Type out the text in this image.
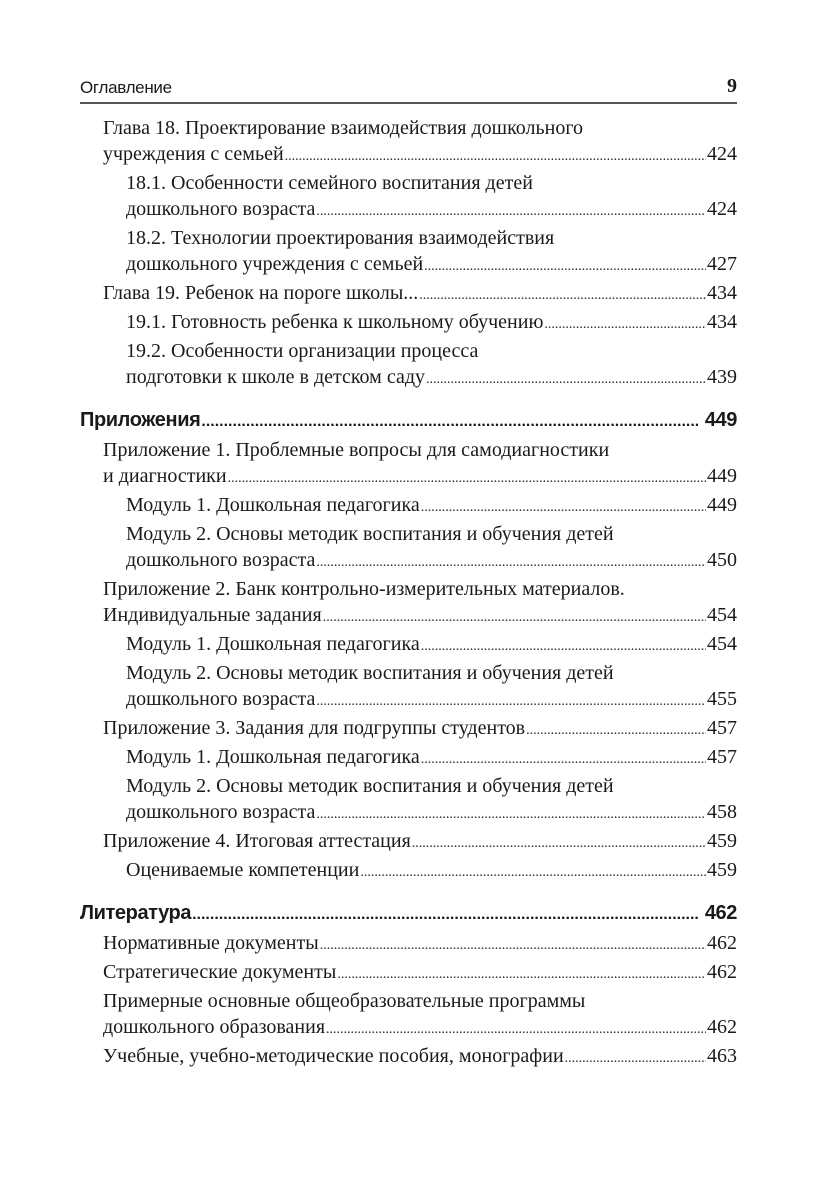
Оглавление	9
Глава 18. Проектирование взаимодействия дошкольного
учреждения с семьей .....	424
18.1. Особенности семейного воспитания детей
дошкольного возраста .....	424
18.2. Технологии проектирования взаимодействия
дошкольного учреждения с семьей .....	427
Глава 19. Ребенок на пороге школы... .....	434
19.1. Готовность ребенка к школьному обучению .....	434
19.2. Особенности организации процесса
подготовки к школе в детском саду .....	439
Приложения .....	449
Приложение 1. Проблемные вопросы для самодиагностики
и диагностики .....	449
Модуль 1. Дошкольная педагогика .....	449
Модуль 2. Основы методик воспитания и обучения детей
дошкольного возраста .....	450
Приложение 2. Банк контрольно-измерительных материалов.
Индивидуальные задания .....	454
Модуль 1. Дошкольная педагогика .....	454
Модуль 2. Основы методик воспитания и обучения детей
дошкольного возраста .....	455
Приложение 3. Задания для подгруппы студентов .....	457
Модуль 1. Дошкольная педагогика .....	457
Модуль 2. Основы методик воспитания и обучения детей
дошкольного возраста .....	458
Приложение 4. Итоговая аттестация .....	459
Оцениваемые компетенции .....	459
Литература .....	462
Нормативные документы .....	462
Стратегические документы .....	462
Примерные основные общеобразовательные программы
дошкольного образования .....	462
Учебные, учебно-методические пособия, монографии .....	463
